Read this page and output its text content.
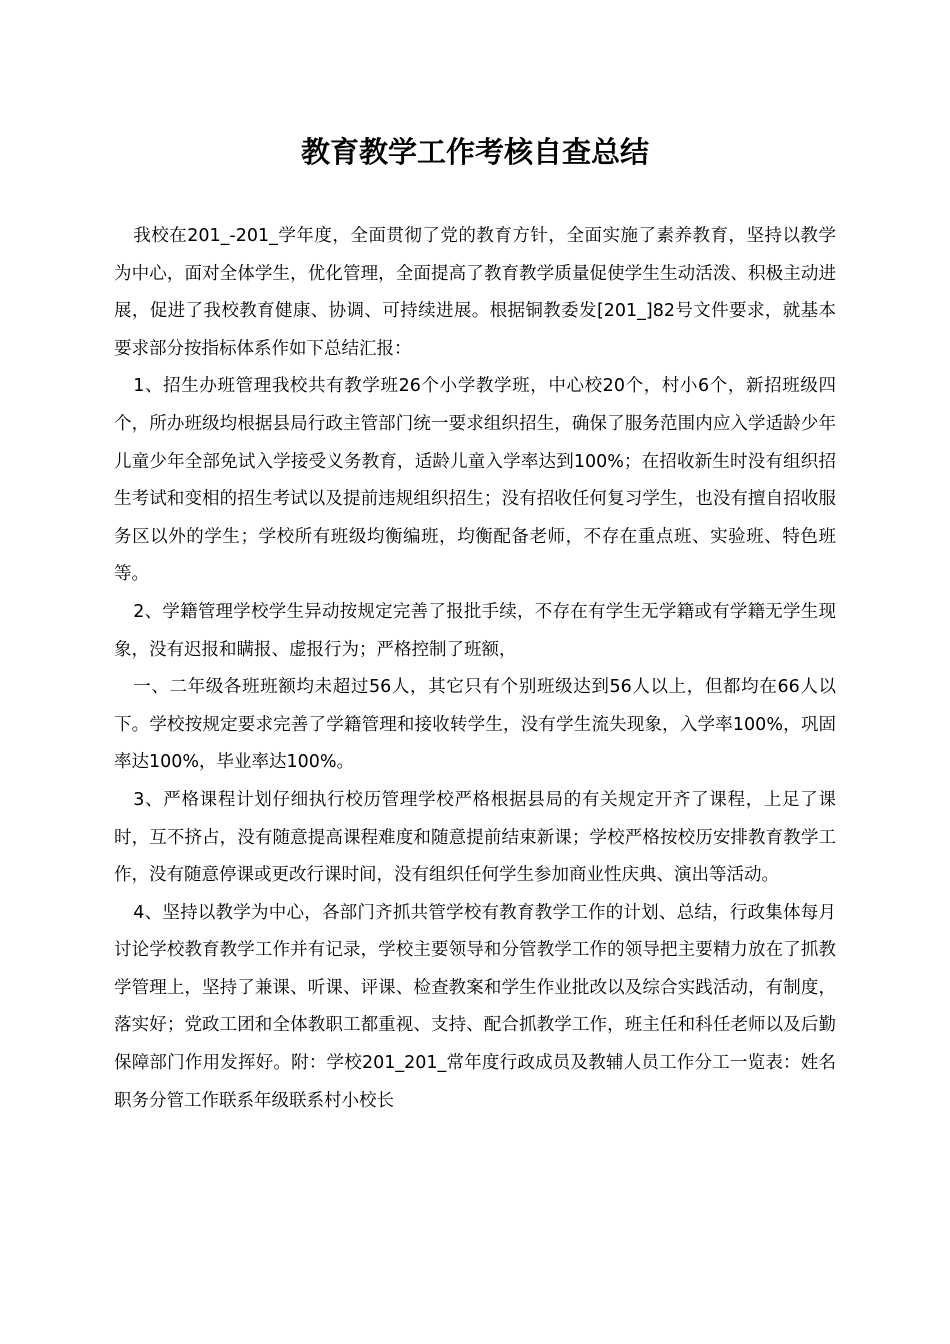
教育教学工作考核自查总结

我校在201_-201_学年度，全面贯彻了党的教育方针，全面实施了素养教育，坚持以教学为中心，面对全体学生，优化管理，全面提高了教育教学质量促使学生生动活泼、积极主动进展，促进了我校教育健康、协调、可持续进展。根据铜教委发[201_]82号文件要求，就基本要求部分按指标体系作如下总结汇报：

1、招生办班管理我校共有教学班26个小学教学班，中心校20个，村小6个，新招班级四个，所办班级均根据县局行政主管部门统一要求组织招生，确保了服务范围内应入学适龄少年儿童少年全部免试入学接受义务教育，适龄儿童入学率达到100%；在招收新生时没有组织招生考试和变相的招生考试以及提前违规组织招生；没有招收任何复习学生，也没有擅自招收服务区以外的学生；学校所有班级均衡编班，均衡配备老师，不存在重点班、实验班、特色班等。

2、学籍管理学校学生异动按规定完善了报批手续，不存在有学生无学籍或有学籍无学生现象，没有迟报和瞒报、虚报行为；严格控制了班额，

一、二年级各班班额均未超过56人，其它只有个别班级达到56人以上，但都均在66人以下。学校按规定要求完善了学籍管理和接收转学生，没有学生流失现象，入学率100%，巩固率达100%，毕业率达100%。

3、严格课程计划仔细执行校历管理学校严格根据县局的有关规定开齐了课程，上足了课时，互不挤占，没有随意提高课程难度和随意提前结束新课；学校严格按校历安排教育教学工作，没有随意停课或更改行课时间，没有组织任何学生参加商业性庆典、演出等活动。

4、坚持以教学为中心，各部门齐抓共管学校有教育教学工作的计划、总结，行政集体每月讨论学校教育教学工作并有记录，学校主要领导和分管教学工作的领导把主要精力放在了抓教学管理上，坚持了兼课、听课、评课、检查教案和学生作业批改以及综合实践活动，有制度，落实好；党政工团和全体教职工都重视、支持、配合抓教学工作，班主任和科任老师以及后勤保障部门作用发挥好。附：学校201_201_常年度行政成员及教辅人员工作分工一览表：姓名职务分管工作联系年级联系村小校长
